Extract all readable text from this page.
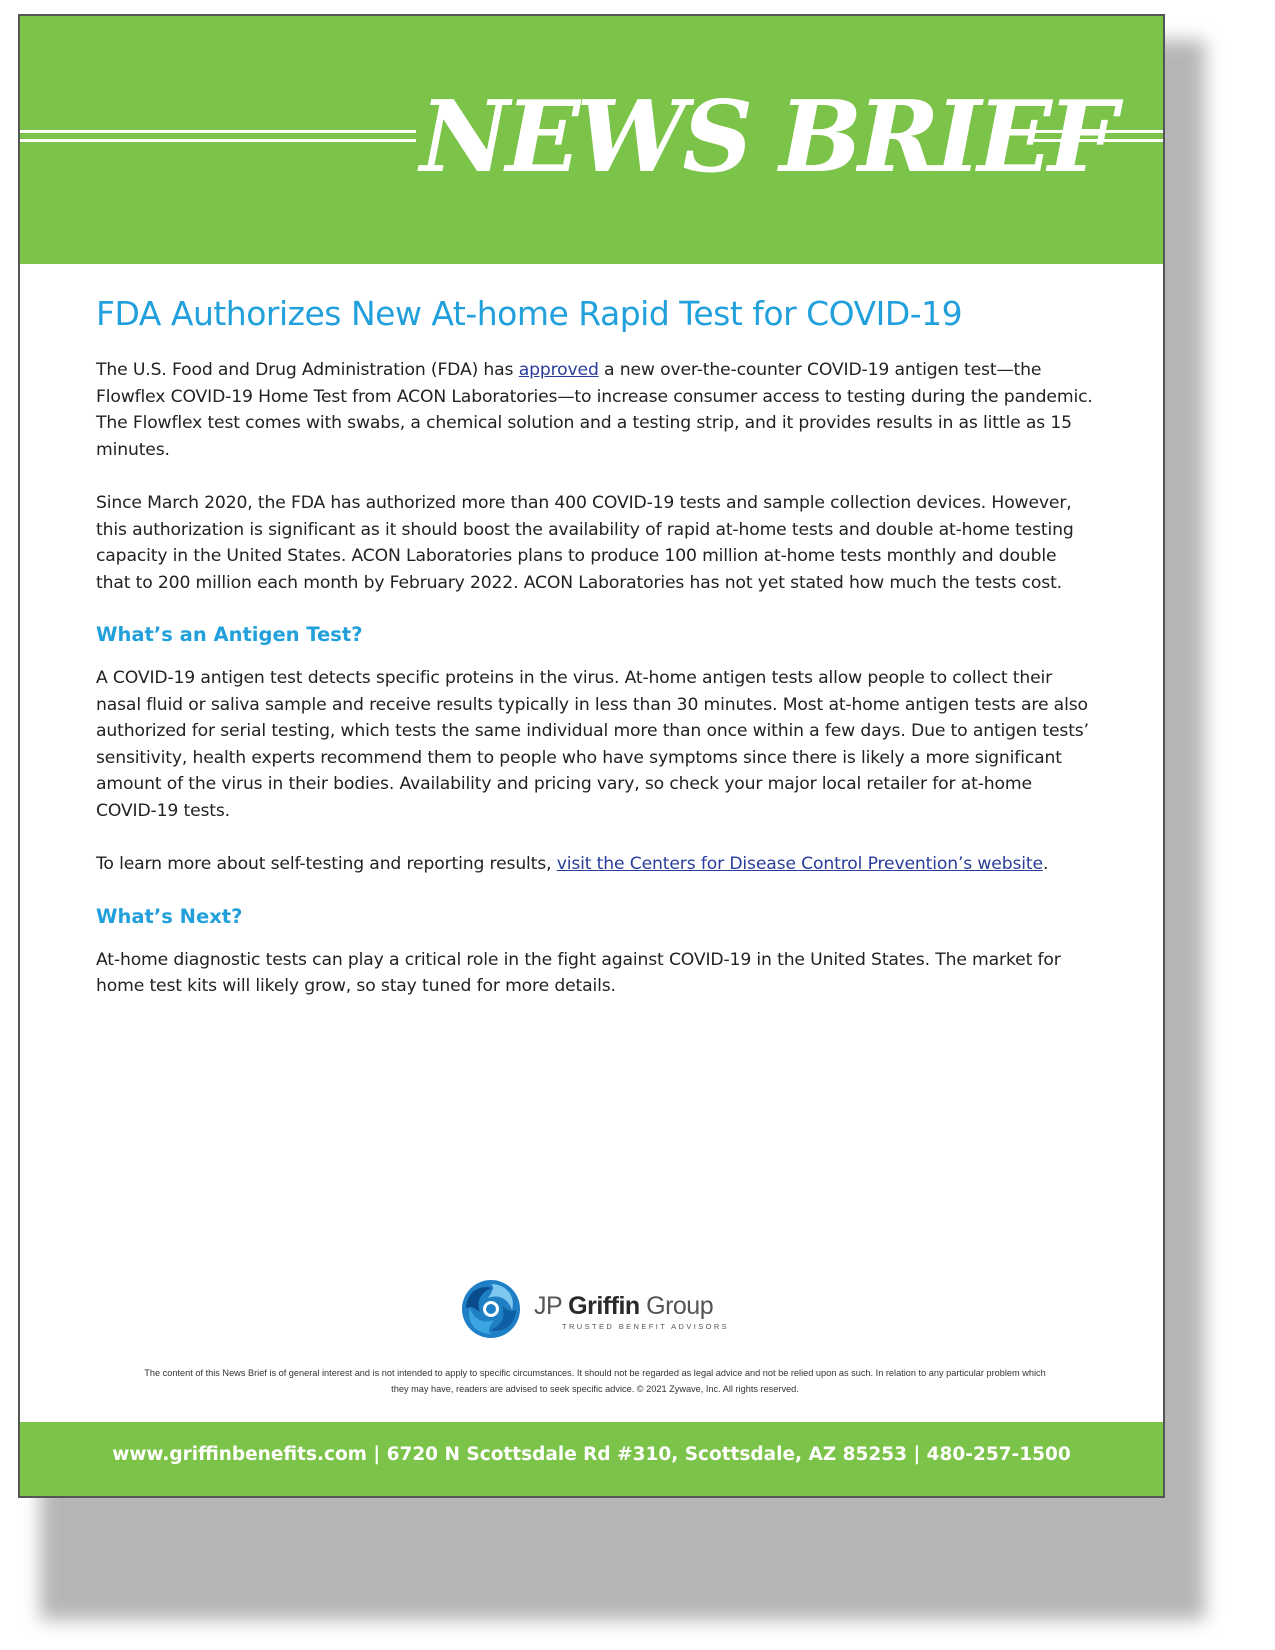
NEWS BRIEF
FDA Authorizes New At-home Rapid Test for COVID-19

The U.S. Food and Drug Administration (FDA) has approved a new over-the-counter COVID-19 antigen test—the Flowflex COVID-19 Home Test from ACON Laboratories—to increase consumer access to testing during the pandemic. The Flowflex test comes with swabs, a chemical solution and a testing strip, and it provides results in as little as 15 minutes.

Since March 2020, the FDA has authorized more than 400 COVID-19 tests and sample collection devices. However, this authorization is significant as it should boost the availability of rapid at-home tests and double at-home testing capacity in the United States. ACON Laboratories plans to produce 100 million at-home tests monthly and double that to 200 million each month by February 2022. ACON Laboratories has not yet stated how much the tests cost.

What’s an Antigen Test?

A COVID-19 antigen test detects specific proteins in the virus. At-home antigen tests allow people to collect their nasal fluid or saliva sample and receive results typically in less than 30 minutes. Most at-home antigen tests are also authorized for serial testing, which tests the same individual more than once within a few days. Due to antigen tests’ sensitivity, health experts recommend them to people who have symptoms since there is likely a more significant amount of the virus in their bodies. Availability and pricing vary, so check your major local retailer for at-home COVID-19 tests.

To learn more about self-testing and reporting results, visit the Centers for Disease Control Prevention’s website.

What’s Next?

At-home diagnostic tests can play a critical role in the fight against COVID-19 in the United States. The market for home test kits will likely grow, so stay tuned for more details.

JP Griffin Group
TRUSTED BENEFIT ADVISORS
The content of this News Brief is of general interest and is not intended to apply to specific circumstances. It should not be regarded as legal advice and not be relied upon as such. In relation to any particular problem which they may have, readers are advised to seek specific advice. © 2021 Zywave, Inc. All rights reserved.
www.griffinbenefits.com | 6720 N Scottsdale Rd #310, Scottsdale, AZ 85253 | 480-257-1500
